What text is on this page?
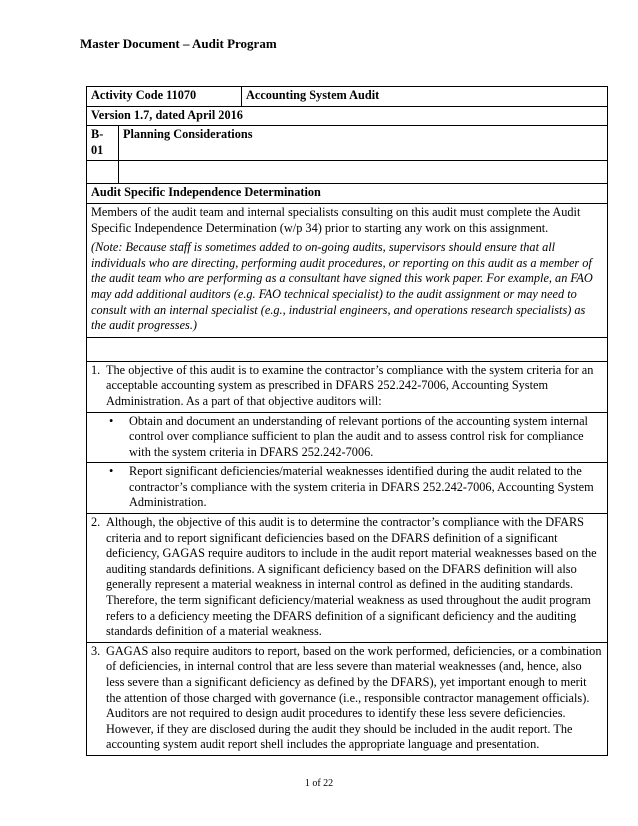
Master Document – Audit Program
Activity Code 11070		Accounting System Audit
Version 1.7, dated April 2016		
B-01	Planning Considerations	

Audit Specific Independence Determination		

Members of the audit team and internal specialists consulting on this audit must complete the Audit Specific Independence Determination (w/p 34) prior to starting any work on this assignment.

(Note: Because staff is sometimes added to on-going audits, supervisors should ensure that all individuals who are directing, performing audit procedures, or reporting on this audit as a member of the audit team who are performing as a consultant have signed this work paper. For example, an FAO may add additional auditors (e.g. FAO technical specialist) to the audit assignment or may need to consult with an internal specialist (e.g., industrial engineers, and operations research specialists) as the audit progresses.)		

1. The objective of this audit is to examine the contractor’s compliance with the system criteria for an acceptable accounting system as prescribed in DFARS 252.242-7006, Accounting System Administration. As a part of that objective auditors will:		

• Obtain and document an understanding of relevant portions of the accounting system internal control over compliance sufficient to plan the audit and to assess control risk for compliance with the system criteria in DFARS 252.242-7006.		

• Report significant deficiencies/material weaknesses identified during the audit related to the contractor’s compliance with the system criteria in DFARS 252.242-7006, Accounting System Administration.		

2. Although, the objective of this audit is to determine the contractor’s compliance with the DFARS criteria and to report significant deficiencies based on the DFARS definition of a significant deficiency, GAGAS require auditors to include in the audit report material weaknesses based on the auditing standards definitions. A significant deficiency based on the DFARS definition will also generally represent a material weakness in internal control as defined in the auditing standards. Therefore, the term significant deficiency/material weakness as used throughout the audit program refers to a deficiency meeting the DFARS definition of a significant deficiency and the auditing standards definition of a material weakness.		

3. GAGAS also require auditors to report, based on the work performed, deficiencies, or a combination of deficiencies, in internal control that are less severe than material weaknesses (and, hence, also less severe than a significant deficiency as defined by the DFARS), yet important enough to merit the attention of those charged with governance (i.e., responsible contractor management officials). Auditors are not required to design audit procedures to identify these less severe deficiencies. However, if they are disclosed during the audit they should be included in the audit report. The accounting system audit report shell includes the appropriate language and presentation.		
1 of 22
